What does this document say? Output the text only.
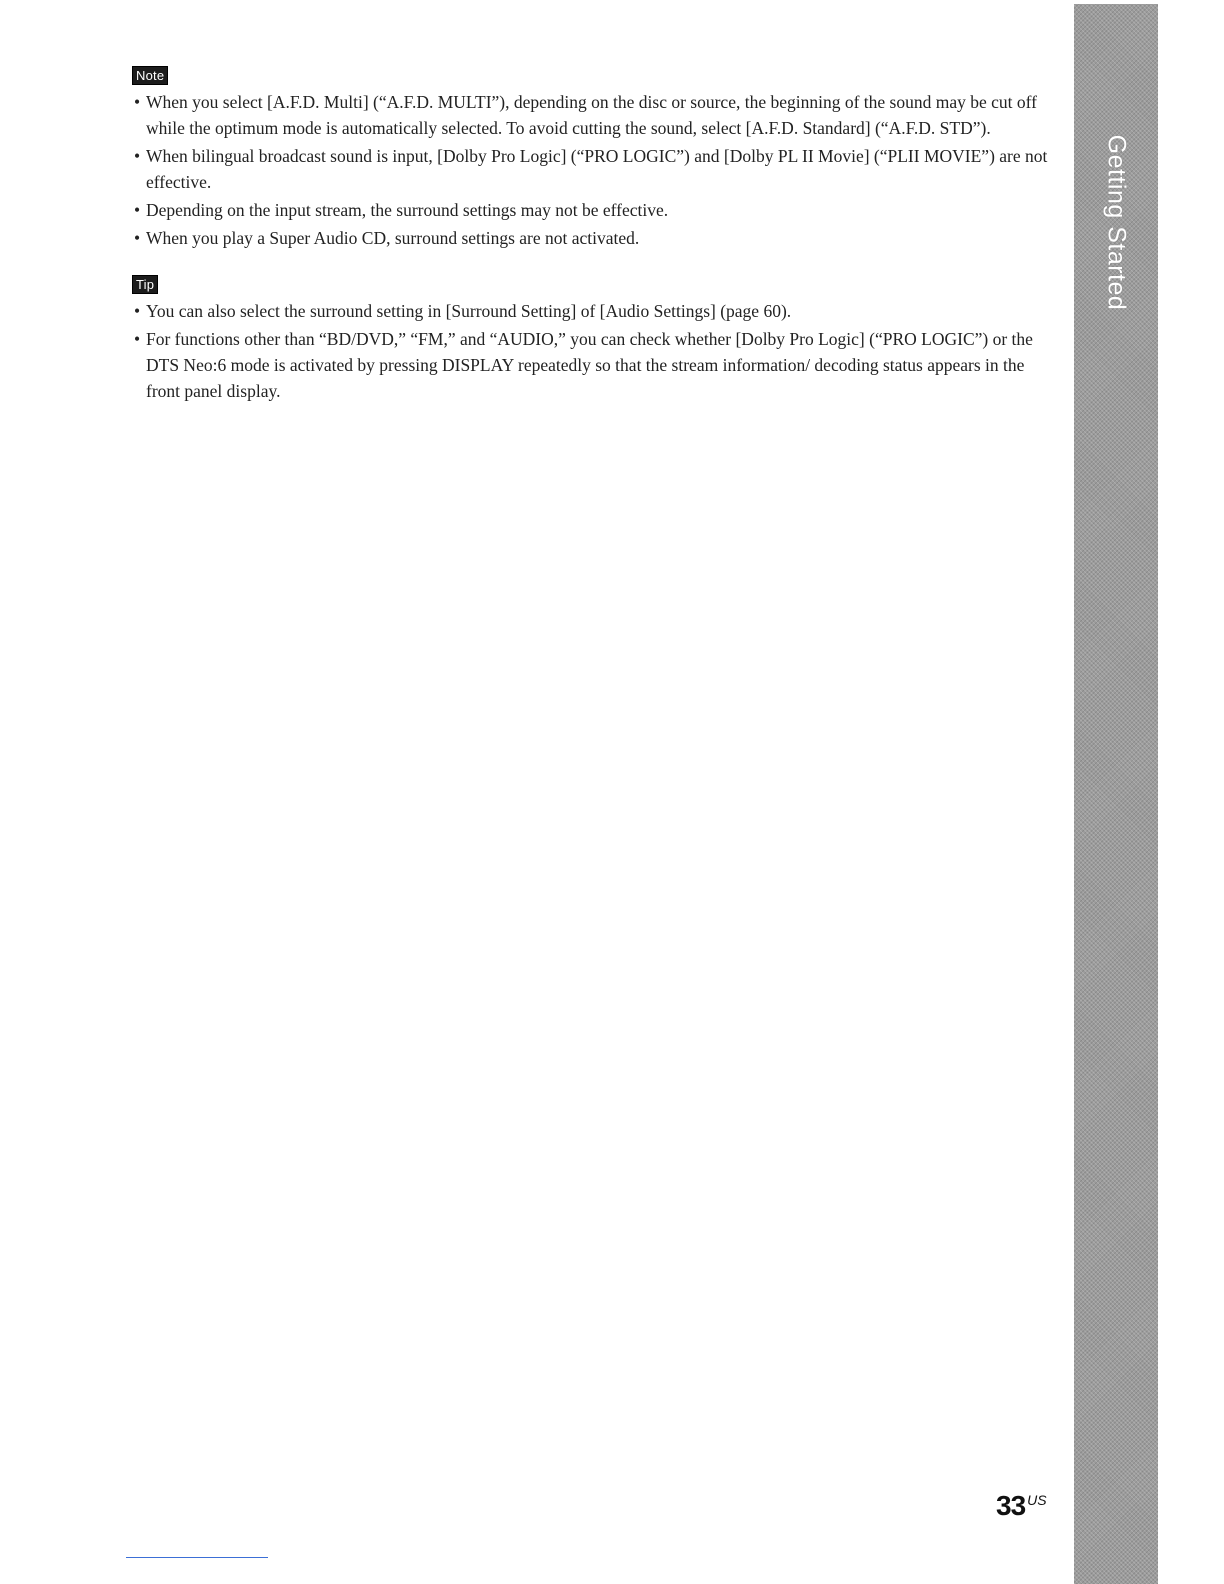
Getting Started
Note
• When you select [A.F.D. Multi] (“A.F.D. MULTI”), depending on the disc or source, the beginning of the sound may be cut off while the optimum mode is automatically selected. To avoid cutting the sound, select [A.F.D. Standard] (“A.F.D. STD”).
• When bilingual broadcast sound is input, [Dolby Pro Logic] (“PRO LOGIC”) and [Dolby PL II Movie] (“PLII MOVIE”) are not effective.
• Depending on the input stream, the surround settings may not be effective.
• When you play a Super Audio CD, surround settings are not activated.
Tip
• You can also select the surround setting in [Surround Setting] of [Audio Settings] (page 60).
• For functions other than “BD/DVD,” “FM,” and “AUDIO,” you can check whether [Dolby Pro Logic] (“PRO LOGIC”) or the DTS Neo:6 mode is activated by pressing DISPLAY repeatedly so that the stream information/ decoding status appears in the front panel display.
33 $^{US}$
